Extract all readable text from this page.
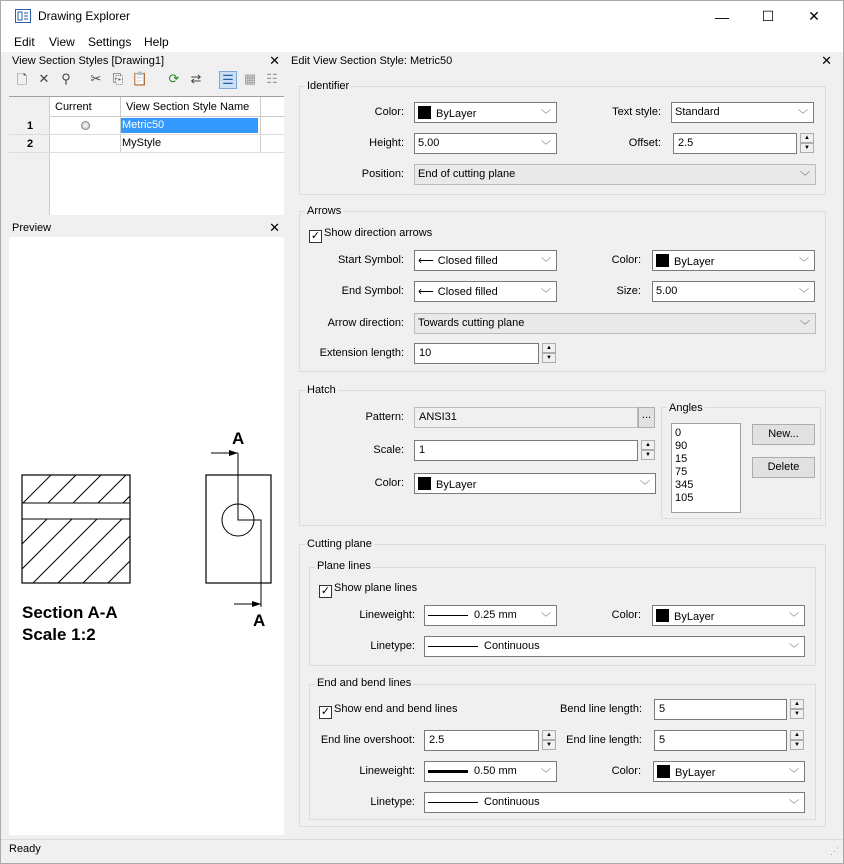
Drawing Explorer	—	☐	✕
Edit View Settings Help
View Section Styles [Drawing1]	✕
🗋 ✕ ⚲	✂ ⎘ 📋 ⟳ ⇄ ☰ ▦ ☷
Current	View Section Style Name
1	Metric50
2	MyStyle
Preview	✕
A
A
Section A-A
Scale 1:2
Edit View Section Style: Metric50	✕
Identifier
Color:	ByLayer	﹀	Text style:	Standard	﹀
Height:	5.00	﹀	Offset:	2.5	▲
▼
Position:	End of cutting plane	﹀
Arrows
✓ Show direction arrows
Start Symbol:	⟵ Closed filled	﹀	Color:	ByLayer	﹀
End Symbol:	⟵ Closed filled	﹀	Size:	5.00	﹀
Arrow direction:	Towards cutting plane	﹀
Extension length:	10	▲
▼
Hatch
Pattern:	ANSI31	...
Scale:	1	▲
▼
Color:	ByLayer	﹀
Angles
0
90
15
75
345
105
New...
Delete
Cutting plane
Plane lines
✓ Show plane lines
Lineweight:	0.25 mm ﹀	Color:	ByLayer	﹀
Linetype:	Continuous	﹀
End and bend lines
✓ Show end and bend lines	Bend line length:	5	▲
▼
End line overshoot:	2.5	▲
▼	End line length:	5	▲
▼
Lineweight:	0.50 mm ﹀	Color:	ByLayer	﹀
Linetype:	Continuous	﹀
Ready	⋰
